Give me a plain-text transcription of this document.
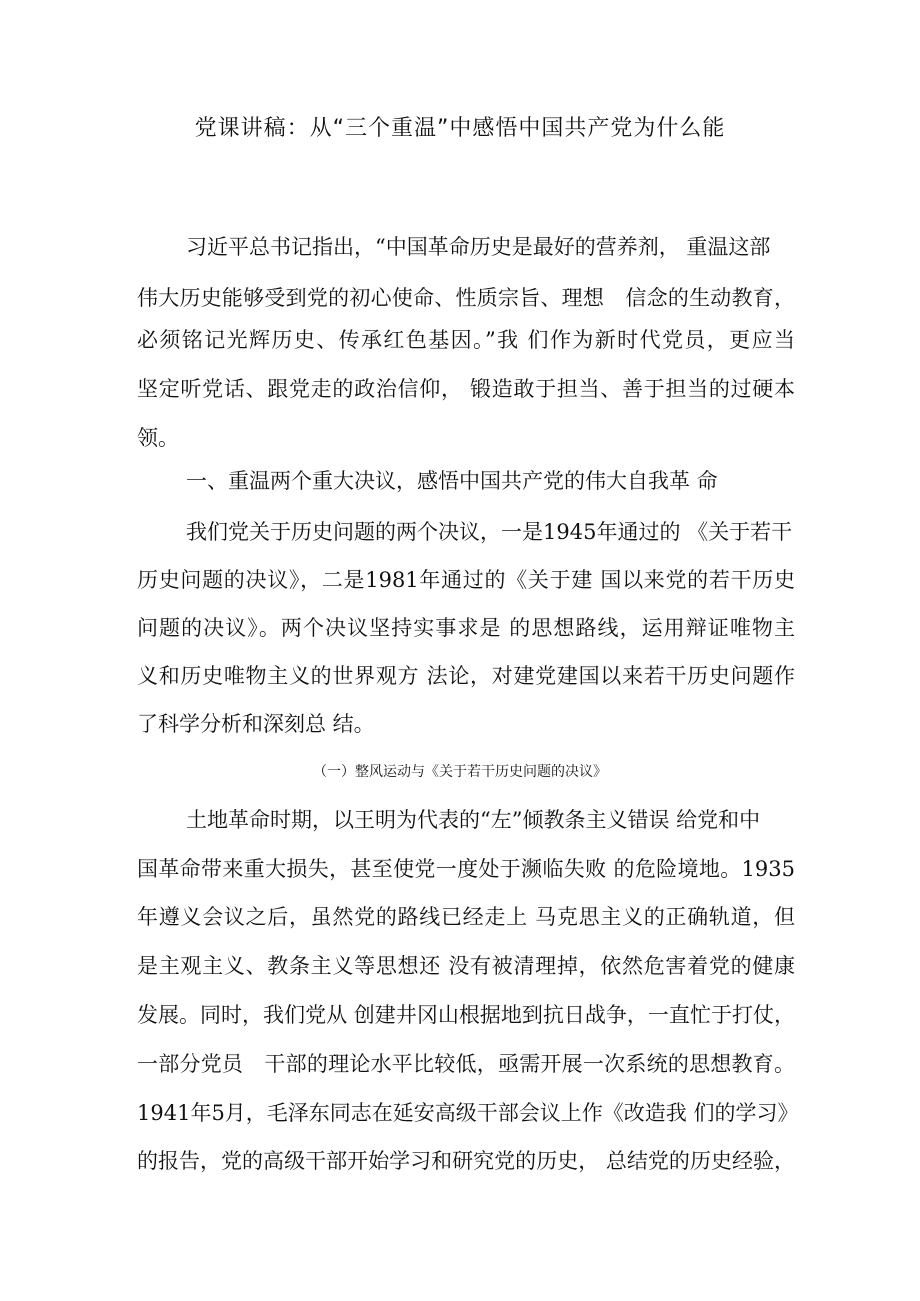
党课讲稿：从“三个重温”中感悟中国共产党为什么能

习近平总书记指出，“中国革命历史是最好的营养剂， 重温这部

伟大历史能够受到党的初心使命、性质宗旨、理想　信念的生动教育，

必须铭记光辉历史、传承红色基因。”我 们作为新时代党员，更应当

坚定听党话、跟党走的政治信仰， 锻造敢于担当、善于担当的过硬本

领。

一、重温两个重大决议，感悟中国共产党的伟大自我革 命

我们党关于历史问题的两个决议，一是1945年通过的 《关于若干

历史问题的决议》，二是1981年通过的《关于建 国以来党的若干历史

问题的决议》。两个决议坚持实事求是 的思想路线，运用辩证唯物主

义和历史唯物主义的世界观方 法论，对建党建国以来若干历史问题作

了科学分析和深刻总 结。

（一）整风运动与《关于若干历史问题的决议》

土地革命时期，以王明为代表的“左”倾教条主义错误 给党和中

国革命带来重大损失，甚至使党一度处于濒临失败 的危险境地。1935

年遵义会议之后，虽然党的路线已经走上 马克思主义的正确轨道，但

是主观主义、教条主义等思想还 没有被清理掉，依然危害着党的健康

发展。同时，我们党从 创建井冈山根据地到抗日战争，一直忙于打仗，

一部分党员　干部的理论水平比较低，亟需开展一次系统的思想教育。

1941年5月，毛泽东同志在延安高级干部会议上作《改造我 们的学习》

的报告，党的高级干部开始学习和研究党的历史， 总结党的历史经验，
